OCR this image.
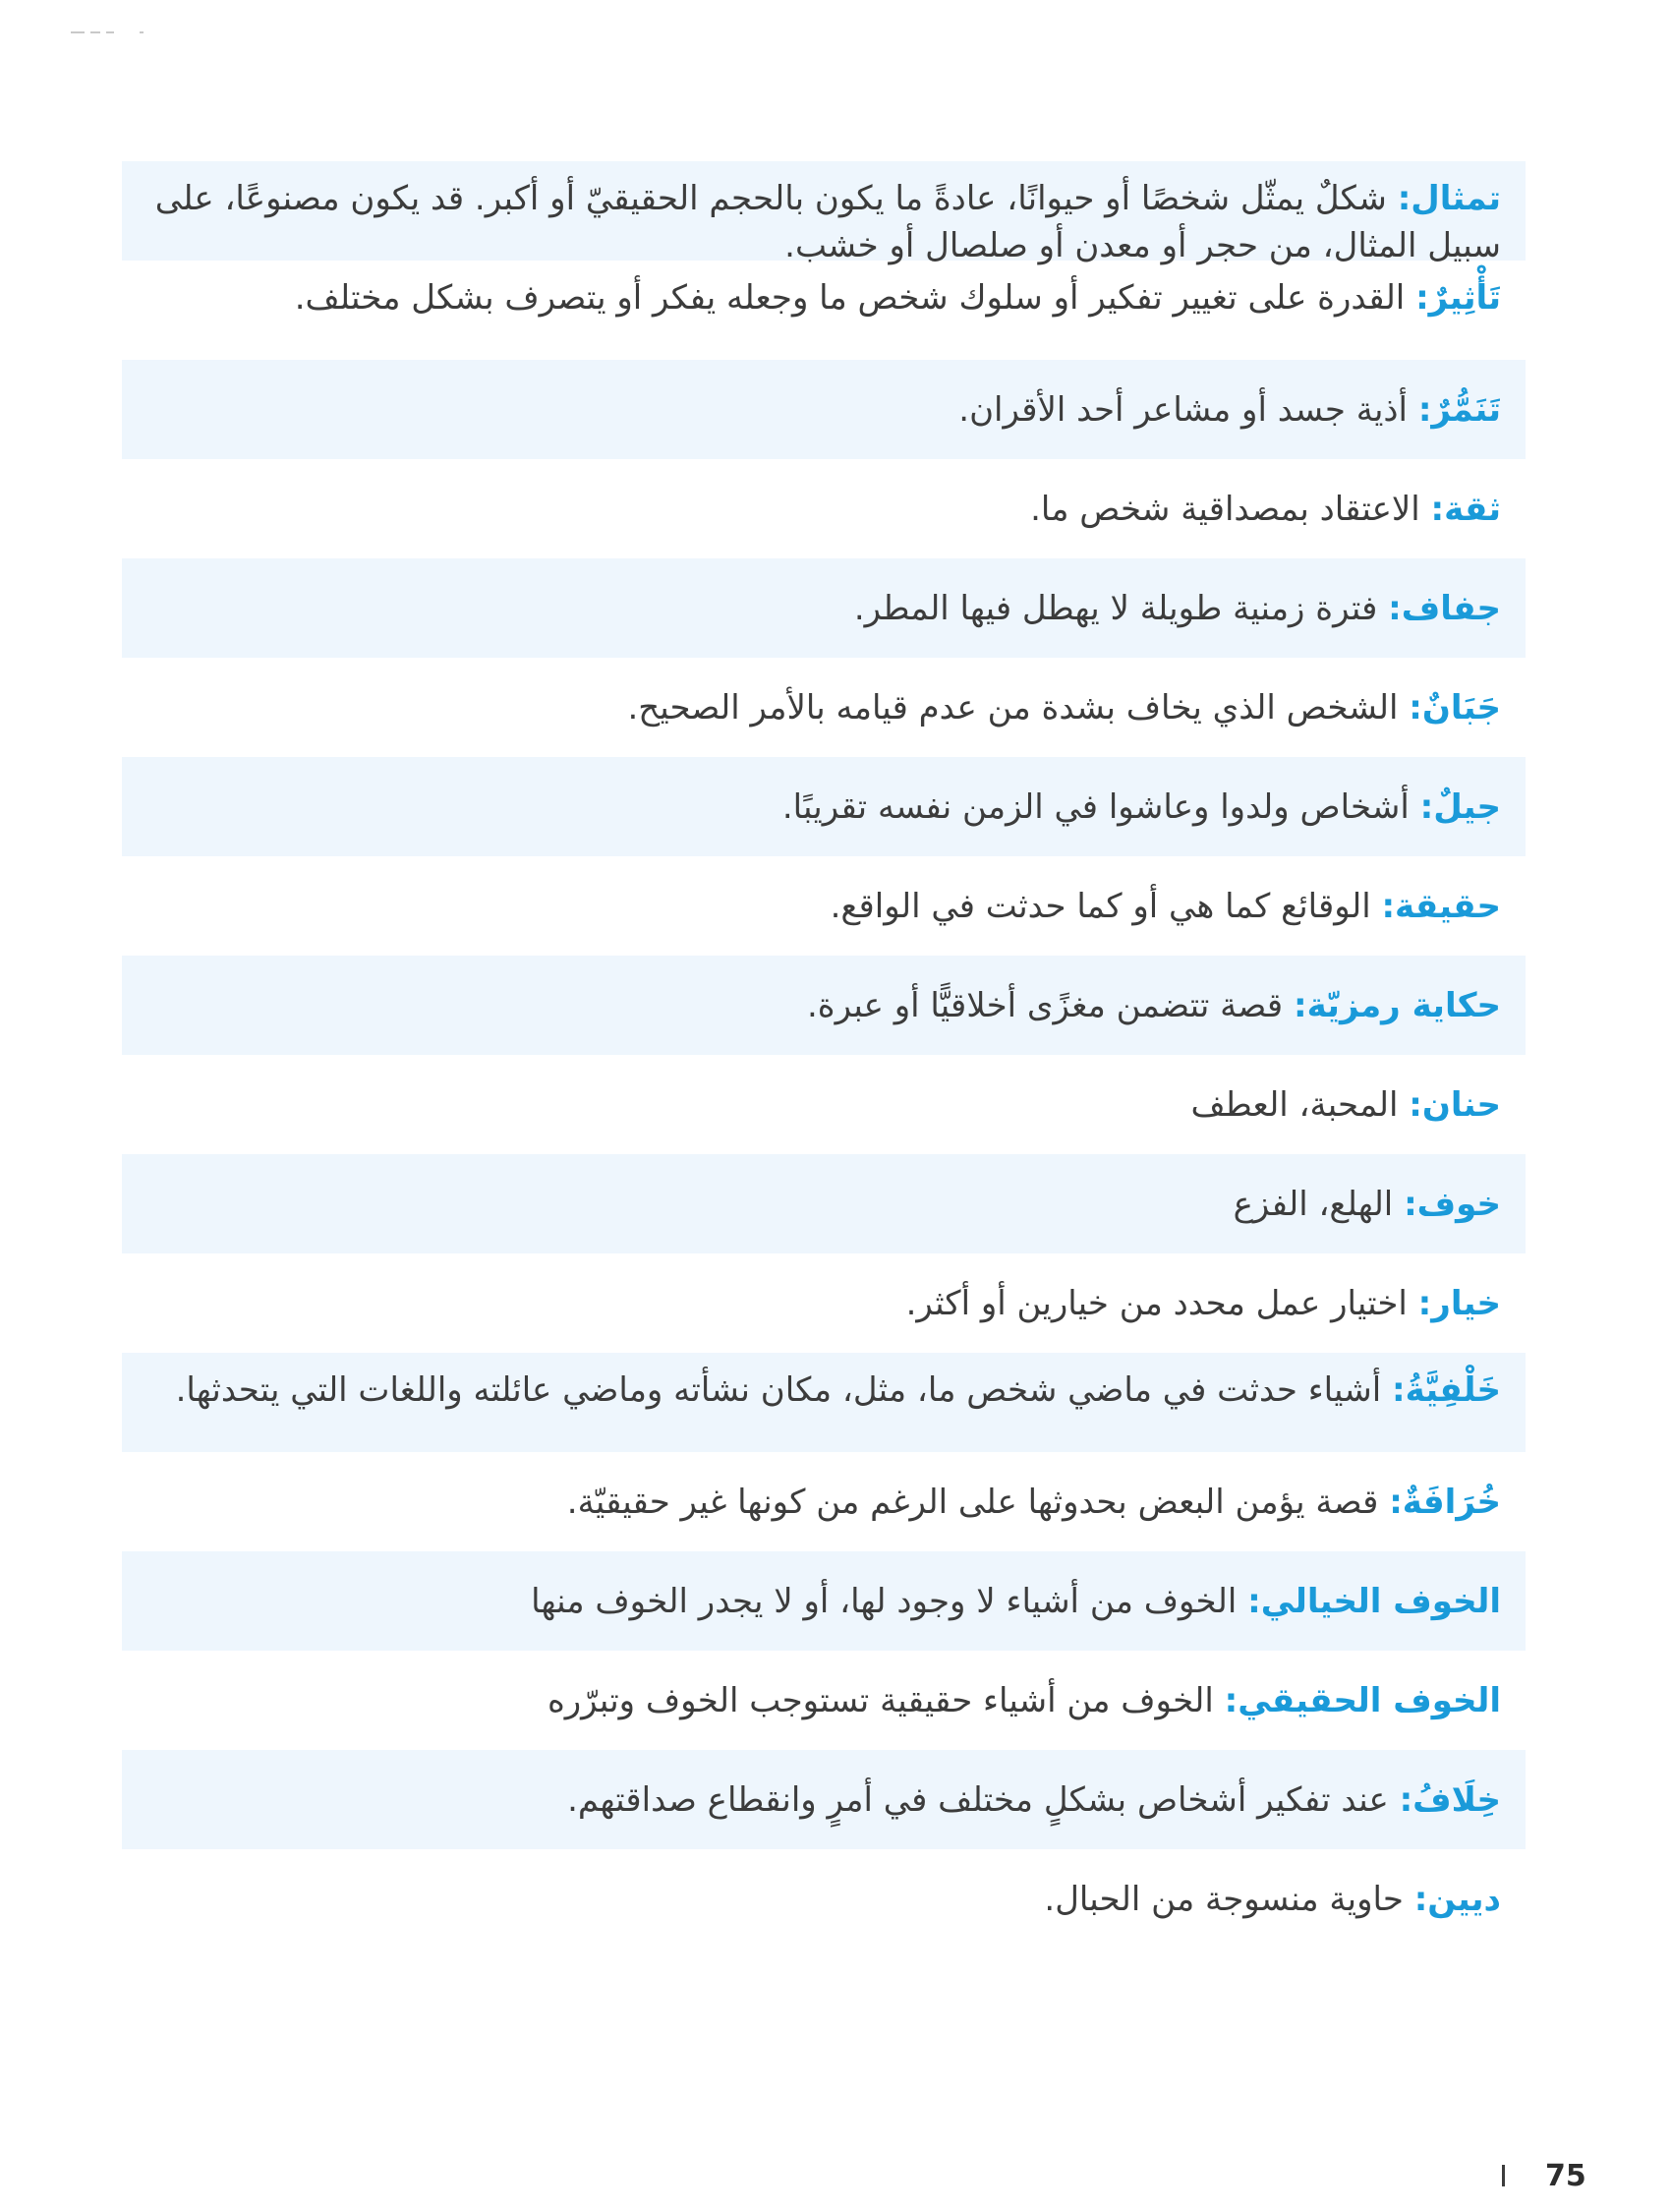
تمثال: شكلٌ يمثّل شخصًا أو حيوانًا، عادةً ما يكون بالحجم الحقيقيّ أو أكبر. قد يكون مصنوعًا، على سبيل المثال، من حجر أو معدن أو صلصال أو خشب.
تَأْثِيرٌ: القدرة على تغيير تفكير أو سلوك شخص ما وجعله يفكر أو يتصرف بشكل مختلف.
تَنَمُّرٌ: أذية جسد أو مشاعر أحد الأقران.
ثقة: الاعتقاد بمصداقية شخص ما.
جفاف: فترة زمنية طويلة لا يهطل فيها المطر.
جَبَانٌ: الشخص الذي يخاف بشدة من عدم قيامه بالأمر الصحيح.
جيلٌ: أشخاص ولدوا وعاشوا في الزمن نفسه تقريبًا.
حقيقة: الوقائع كما هي أو كما حدثت في الواقع.
حكاية رمزيّة: قصة تتضمن مغزًى أخلاقيًّا أو عبرة.
حنان: المحبة، العطف
خوف: الهلع، الفزع
خيار: اختيار عمل محدد من خيارين أو أكثر.
خَلْفِيَّةُ: أشياء حدثت في ماضي شخص ما، مثل، مكان نشأته وماضي عائلته واللغات التي يتحدثها.
خُرَافَةٌ: قصة يؤمن البعض بحدوثها على الرغم من كونها غير حقيقيّة.
الخوف الخيالي: الخوف من أشياء لا وجود لها، أو لا يجدر الخوف منها
الخوف الحقيقي: الخوف من أشياء حقيقية تستوجب الخوف وتبرّره
خِلَافُ: عند تفكير أشخاص بشكلٍ مختلف في أمرٍ وانقطاع صداقتهم.
ديين: حاوية منسوجة من الحبال.
75
